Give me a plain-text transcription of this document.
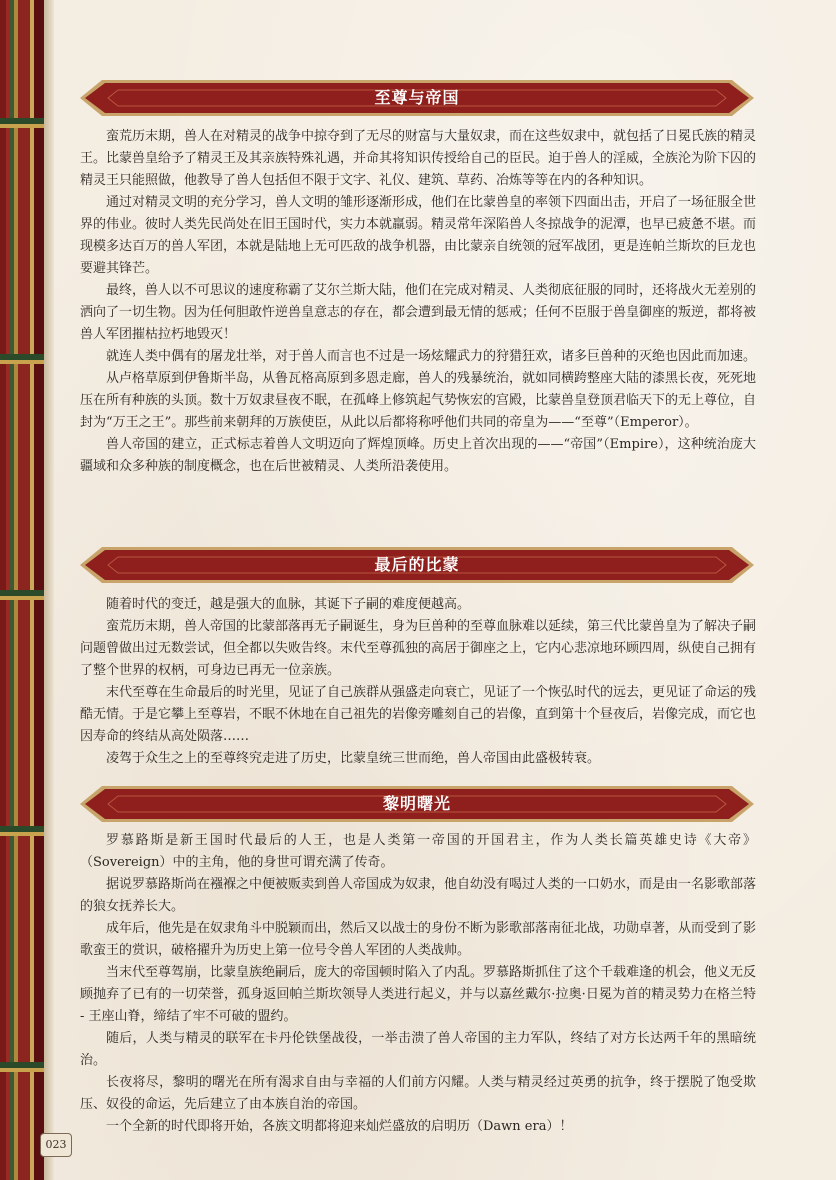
至尊与帝国

蛮荒历末期，兽人在对精灵的战争中掠夺到了无尽的财富与大量奴隶，而在这些奴隶中，就包括了日冕氏族的精灵王。比蒙兽皇给予了精灵王及其亲族特殊礼遇，并命其将知识传授给自己的臣民。迫于兽人的淫威，全族沦为阶下囚的精灵王只能照做，他教导了兽人包括但不限于文字、礼仪、建筑、草药、冶炼等等在内的各种知识。

通过对精灵文明的充分学习，兽人文明的雏形逐渐形成，他们在比蒙兽皇的率领下四面出击，开启了一场征服全世界的伟业。彼时人类先民尚处在旧王国时代，实力本就羸弱。精灵常年深陷兽人冬掠战争的泥潭，也早已疲惫不堪。而现模多达百万的兽人军团，本就是陆地上无可匹敌的战争机器，由比蒙亲自统领的冠军战团，更是连帕兰斯坎的巨龙也要避其锋芒。

最终，兽人以不可思议的速度称霸了艾尔兰斯大陆，他们在完成对精灵、人类彻底征服的同时，还将战火无差别的洒向了一切生物。因为任何胆敢忤逆兽皇意志的存在，都会遭到最无情的惩戒；任何不臣服于兽皇御座的叛逆，都将被兽人军团摧枯拉朽地毁灭！

就连人类中偶有的屠龙壮举，对于兽人而言也不过是一场炫耀武力的狩猎狂欢，诸多巨兽种的灭绝也因此而加速。

从卢格草原到伊鲁斯半岛，从鲁瓦格高原到多恩走廊，兽人的残暴统治，就如同横跨整座大陆的漆黑长夜，死死地压在所有种族的头顶。数十万奴隶昼夜不眠，在孤峰上修筑起气势恢宏的宫殿，比蒙兽皇登顶君临天下的无上尊位，自封为“万王之王”。那些前来朝拜的万族使臣，从此以后都将称呼他们共同的帝皇为——“至尊”（Emperor）。

兽人帝国的建立，正式标志着兽人文明迈向了辉煌顶峰。历史上首次出现的——“帝国”（Empire），这种统治庞大疆域和众多种族的制度概念，也在后世被精灵、人类所沿袭使用。

最后的比蒙

随着时代的变迁，越是强大的血脉，其诞下子嗣的难度便越高。

蛮荒历末期，兽人帝国的比蒙部落再无子嗣诞生，身为巨兽种的至尊血脉难以延续，第三代比蒙兽皇为了解决子嗣问题曾做出过无数尝试，但全都以失败告终。末代至尊孤独的高居于御座之上，它内心悲凉地环顾四周，纵使自己拥有了整个世界的权柄，可身边已再无一位亲族。

末代至尊在生命最后的时光里，见证了自己族群从强盛走向衰亡，见证了一个恢弘时代的远去，更见证了命运的残酷无情。于是它攀上至尊岩，不眠不休地在自己祖先的岩像旁雕刻自己的岩像，直到第十个昼夜后，岩像完成，而它也因寿命的终结从高处陨落……

凌驾于众生之上的至尊终究走进了历史，比蒙皇统三世而绝，兽人帝国由此盛极转衰。

黎明曙光

罗慕路斯是新王国时代最后的人王，也是人类第一帝国的开国君主，作为人类长篇英雄史诗《大帝》（Sovereign）中的主角，他的身世可谓充满了传奇。

据说罗慕路斯尚在襁褓之中便被贩卖到兽人帝国成为奴隶，他自幼没有喝过人类的一口奶水，而是由一名影歌部落的狼女抚养长大。

成年后，他先是在奴隶角斗中脱颖而出，然后又以战士的身份不断为影歌部落南征北战，功勋卓著，从而受到了影歌蛮王的赏识，破格擢升为历史上第一位号令兽人军团的人类战帅。

当末代至尊驾崩，比蒙皇族绝嗣后，庞大的帝国顿时陷入了内乱。罗慕路斯抓住了这个千载难逢的机会，他义无反顾抛弃了已有的一切荣誉，孤身返回帕兰斯坎领导人类进行起义，并与以嘉丝戴尔·拉奥·日冕为首的精灵势力在格兰特 - 王座山脊，缔结了牢不可破的盟约。

随后，人类与精灵的联军在卡丹伦铁堡战役，一举击溃了兽人帝国的主力军队，终结了对方长达两千年的黑暗统治。

长夜将尽，黎明的曙光在所有渴求自由与幸福的人们前方闪耀。人类与精灵经过英勇的抗争，终于摆脱了饱受欺压、奴役的命运，先后建立了由本族自治的帝国。

一个全新的时代即将开始，各族文明都将迎来灿烂盛放的启明历（Dawn era）！

023
